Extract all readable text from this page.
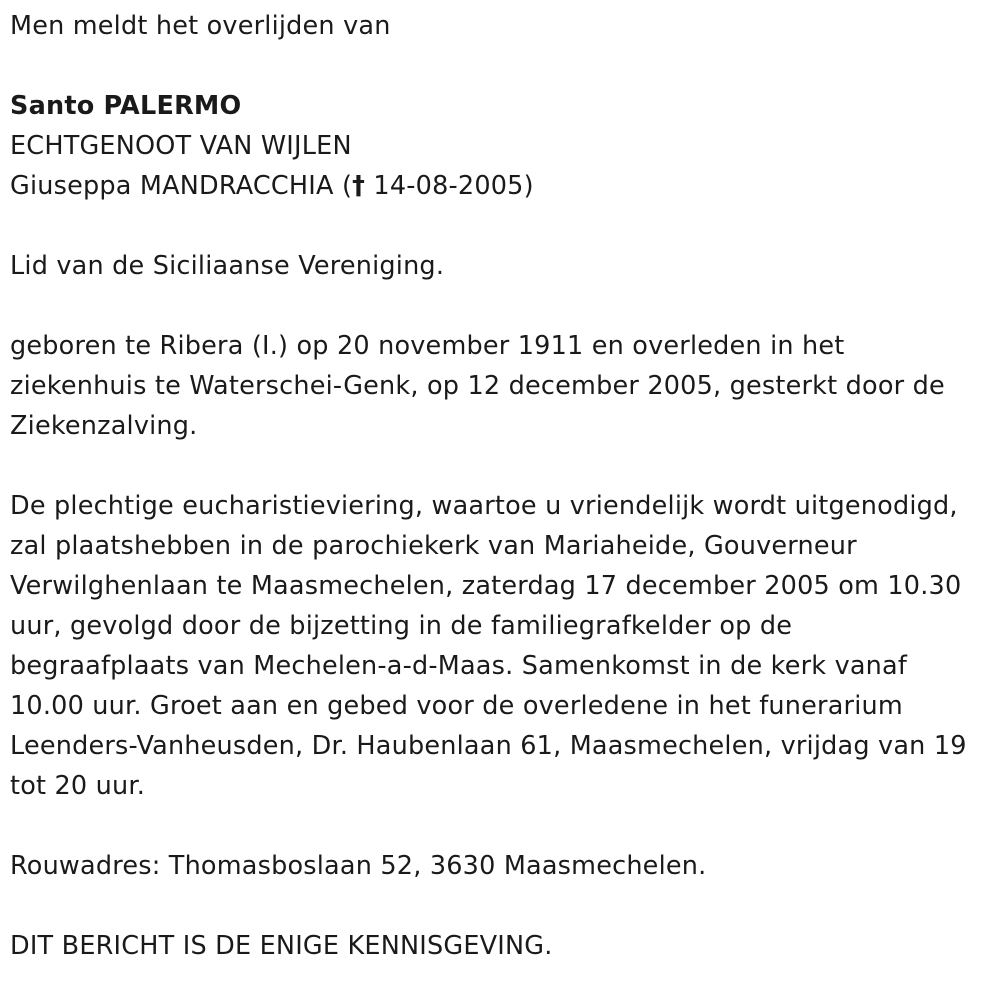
Men meldt het overlijden van
Santo PALERMO
ECHTGENOOT VAN WIJLEN
Giuseppa MANDRACCHIA († 14-08-2005)
Lid van de Siciliaanse Vereniging.
geboren te Ribera (I.) op 20 november 1911 en overleden in het
ziekenhuis te Waterschei-Genk, op 12 december 2005, gesterkt door de
Ziekenzalving.
De plechtige eucharistieviering, waartoe u vriendelijk wordt uitgenodigd,
zal plaatshebben in de parochiekerk van Mariaheide, Gouverneur
Verwilghenlaan te Maasmechelen, zaterdag 17 december 2005 om 10.30
uur, gevolgd door de bijzetting in de familiegrafkelder op de
begraafplaats van Mechelen-a-d-Maas. Samenkomst in de kerk vanaf
10.00 uur. Groet aan en gebed voor de overledene in het funerarium
Leenders-Vanheusden, Dr. Haubenlaan 61, Maasmechelen, vrijdag van 19
tot 20 uur.
Rouwadres: Thomasboslaan 52, 3630 Maasmechelen.
DIT BERICHT IS DE ENIGE KENNISGEVING.
